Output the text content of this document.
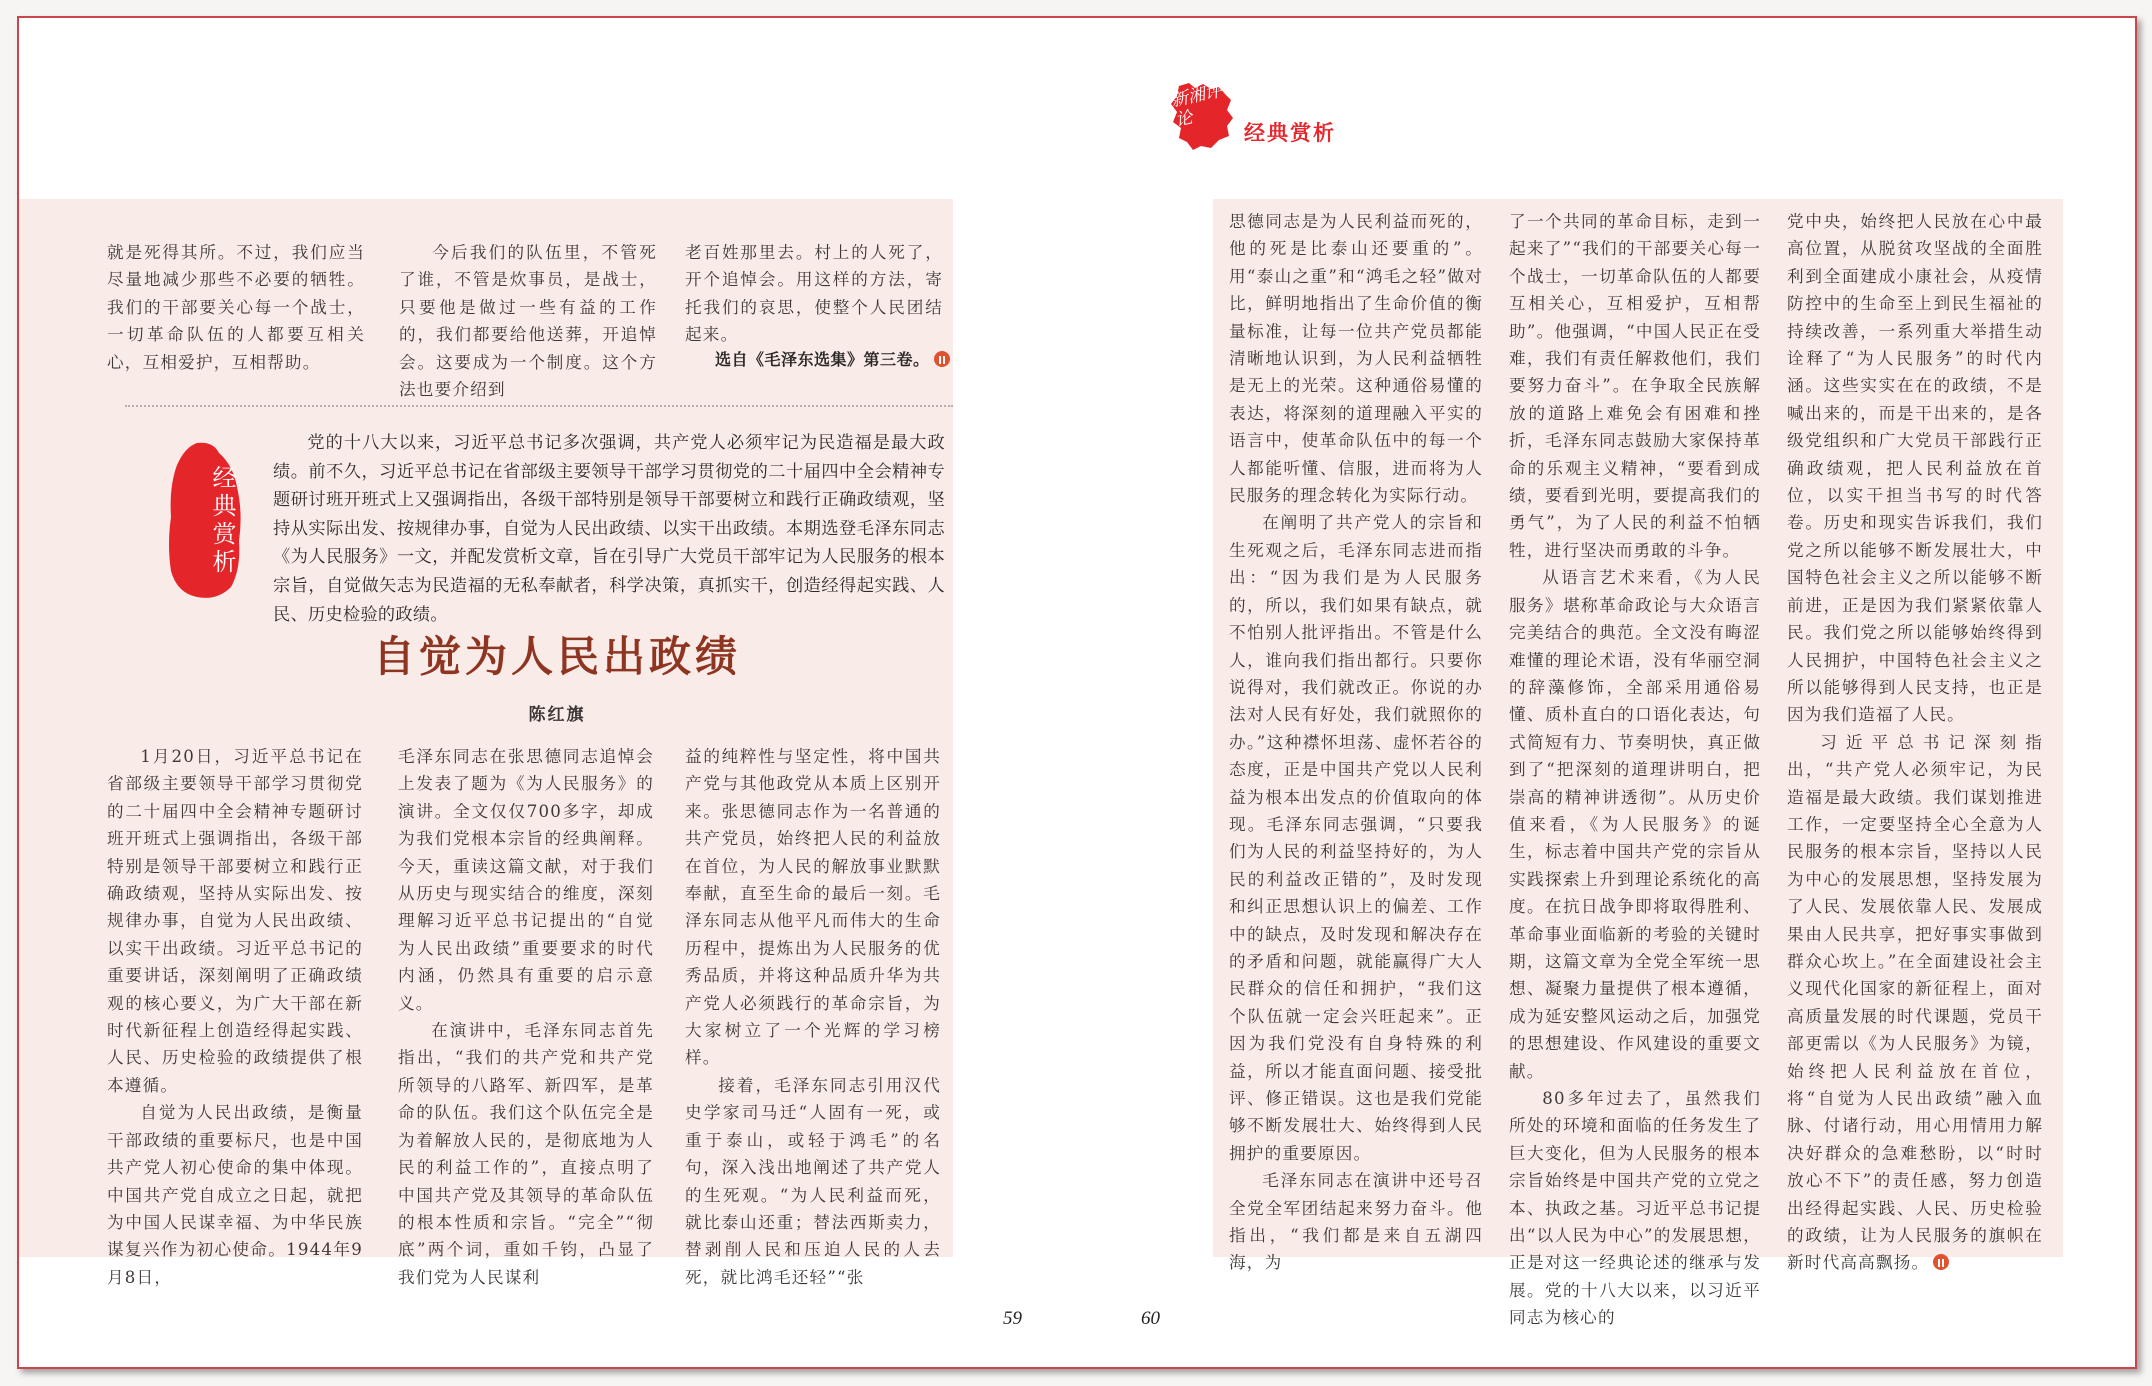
新湘评论
经典赏析

就是死得其所。不过，我们应当尽量地减少那些不必要的牺牲。我们的干部要关心每一个战士，一切革命队伍的人都要互相关心，互相爱护，互相帮助。

今后我们的队伍里，不管死了谁，不管是炊事员，是战士，只要他是做过一些有益的工作的，我们都要给他送葬，开追悼会。这要成为一个制度。这个方法也要介绍到

老百姓那里去。村上的人死了，开个追悼会。用这样的方法，寄托我们的哀思，使整个人民团结起来。

选自《毛泽东选集》第三卷。
经典赏析

党的十八大以来，习近平总书记多次强调，共产党人必须牢记为民造福是最大政绩。前不久，习近平总书记在省部级主要领导干部学习贯彻党的二十届四中全会精神专题研讨班开班式上又强调指出，各级干部特别是领导干部要树立和践行正确政绩观，坚持从实际出发、按规律办事，自觉为人民出政绩、以实干出政绩。本期选登毛泽东同志《为人民服务》一文，并配发赏析文章，旨在引导广大党员干部牢记为人民服务的根本宗旨，自觉做矢志为民造福的无私奉献者，科学决策，真抓实干，创造经得起实践、人民、历史检验的政绩。

自觉为人民出政绩
陈红旗

1月20日，习近平总书记在省部级主要领导干部学习贯彻党的二十届四中全会精神专题研讨班开班式上强调指出，各级干部特别是领导干部要树立和践行正确政绩观，坚持从实际出发、按规律办事，自觉为人民出政绩、以实干出政绩。习近平总书记的重要讲话，深刻阐明了正确政绩观的核心要义，为广大干部在新时代新征程上创造经得起实践、人民、历史检验的政绩提供了根本遵循。

自觉为人民出政绩，是衡量干部政绩的重要标尺，也是中国共产党人初心使命的集中体现。中国共产党自成立之日起，就把为中国人民谋幸福、为中华民族谋复兴作为初心使命。1944年9月8日，

毛泽东同志在张思德同志追悼会上发表了题为《为人民服务》的演讲。全文仅仅700多字，却成为我们党根本宗旨的经典阐释。今天，重读这篇文献，对于我们从历史与现实结合的维度，深刻理解习近平总书记提出的“自觉为人民出政绩”重要要求的时代内涵，仍然具有重要的启示意义。

在演讲中，毛泽东同志首先指出，“我们的共产党和共产党所领导的八路军、新四军，是革命的队伍。我们这个队伍完全是为着解放人民的，是彻底地为人民的利益工作的”，直接点明了中国共产党及其领导的革命队伍的根本性质和宗旨。“完全”“彻底”两个词，重如千钧，凸显了我们党为人民谋利

益的纯粹性与坚定性，将中国共产党与其他政党从本质上区别开来。张思德同志作为一名普通的共产党员，始终把人民的利益放在首位，为人民的解放事业默默奉献，直至生命的最后一刻。毛泽东同志从他平凡而伟大的生命历程中，提炼出为人民服务的优秀品质，并将这种品质升华为共产党人必须践行的革命宗旨，为大家树立了一个光辉的学习榜样。

接着，毛泽东同志引用汉代史学家司马迁“人固有一死，或重于泰山，或轻于鸿毛”的名句，深入浅出地阐述了共产党人的生死观。“为人民利益而死，就比泰山还重；替法西斯卖力，替剥削人民和压迫人民的人去死，就比鸿毛还轻”“张

思德同志是为人民利益而死的，他的死是比泰山还要重的”。用“泰山之重”和“鸿毛之轻”做对比，鲜明地指出了生命价值的衡量标准，让每一位共产党员都能清晰地认识到，为人民利益牺牲是无上的光荣。这种通俗易懂的表达，将深刻的道理融入平实的语言中，使革命队伍中的每一个人都能听懂、信服，进而将为人民服务的理念转化为实际行动。

在阐明了共产党人的宗旨和生死观之后，毛泽东同志进而指出：“因为我们是为人民服务的，所以，我们如果有缺点，就不怕别人批评指出。不管是什么人，谁向我们指出都行。只要你说得对，我们就改正。你说的办法对人民有好处，我们就照你的办。”这种襟怀坦荡、虚怀若谷的态度，正是中国共产党以人民利益为根本出发点的价值取向的体现。毛泽东同志强调，“只要我们为人民的利益坚持好的，为人民的利益改正错的”，及时发现和纠正思想认识上的偏差、工作中的缺点，及时发现和解决存在的矛盾和问题，就能赢得广大人民群众的信任和拥护，“我们这个队伍就一定会兴旺起来”。正因为我们党没有自身特殊的利益，所以才能直面问题、接受批评、修正错误。这也是我们党能够不断发展壮大、始终得到人民拥护的重要原因。

毛泽东同志在演讲中还号召全党全军团结起来努力奋斗。他指出，“我们都是来自五湖四海，为

了一个共同的革命目标，走到一起来了”“我们的干部要关心每一个战士，一切革命队伍的人都要互相关心，互相爱护，互相帮助”。他强调，“中国人民正在受难，我们有责任解救他们，我们要努力奋斗”。在争取全民族解放的道路上难免会有困难和挫折，毛泽东同志鼓励大家保持革命的乐观主义精神，“要看到成绩，要看到光明，要提高我们的勇气”，为了人民的利益不怕牺牲，进行坚决而勇敢的斗争。

从语言艺术来看，《为人民服务》堪称革命政论与大众语言完美结合的典范。全文没有晦涩难懂的理论术语，没有华丽空洞的辞藻修饰，全部采用通俗易懂、质朴直白的口语化表达，句式简短有力、节奏明快，真正做到了“把深刻的道理讲明白，把崇高的精神讲透彻”。从历史价值来看，《为人民服务》的诞生，标志着中国共产党的宗旨从实践探索上升到理论系统化的高度。在抗日战争即将取得胜利、革命事业面临新的考验的关键时期，这篇文章为全党全军统一思想、凝聚力量提供了根本遵循，成为延安整风运动之后，加强党的思想建设、作风建设的重要文献。

80多年过去了，虽然我们所处的环境和面临的任务发生了巨大变化，但为人民服务的根本宗旨始终是中国共产党的立党之本、执政之基。习近平总书记提出“以人民为中心”的发展思想，正是对这一经典论述的继承与发展。党的十八大以来，以习近平同志为核心的

党中央，始终把人民放在心中最高位置，从脱贫攻坚战的全面胜利到全面建成小康社会，从疫情防控中的生命至上到民生福祉的持续改善，一系列重大举措生动诠释了“为人民服务”的时代内涵。这些实实在在的政绩，不是喊出来的，而是干出来的，是各级党组织和广大党员干部践行正确政绩观，把人民利益放在首位，以实干担当书写的时代答卷。历史和现实告诉我们，我们党之所以能够不断发展壮大，中国特色社会主义之所以能够不断前进，正是因为我们紧紧依靠人民。我们党之所以能够始终得到人民拥护，中国特色社会主义之所以能够得到人民支持，也正是因为我们造福了人民。

习近平总书记深刻指出，“共产党人必须牢记，为民造福是最大政绩。我们谋划推进工作，一定要坚持全心全意为人民服务的根本宗旨，坚持以人民为中心的发展思想，坚持发展为了人民、发展依靠人民、发展成果由人民共享，把好事实事做到群众心坎上。”在全面建设社会主义现代化国家的新征程上，面对高质量发展的时代课题，党员干部更需以《为人民服务》为镜，始终把人民利益放在首位，将“自觉为人民出政绩”融入血脉、付诸行动，用心用情用力解决好群众的急难愁盼，以“时时放心不下”的责任感，努力创造出经得起实践、人民、历史检验的政绩，让为人民服务的旗帜在新时代高高飘扬。

59	60
